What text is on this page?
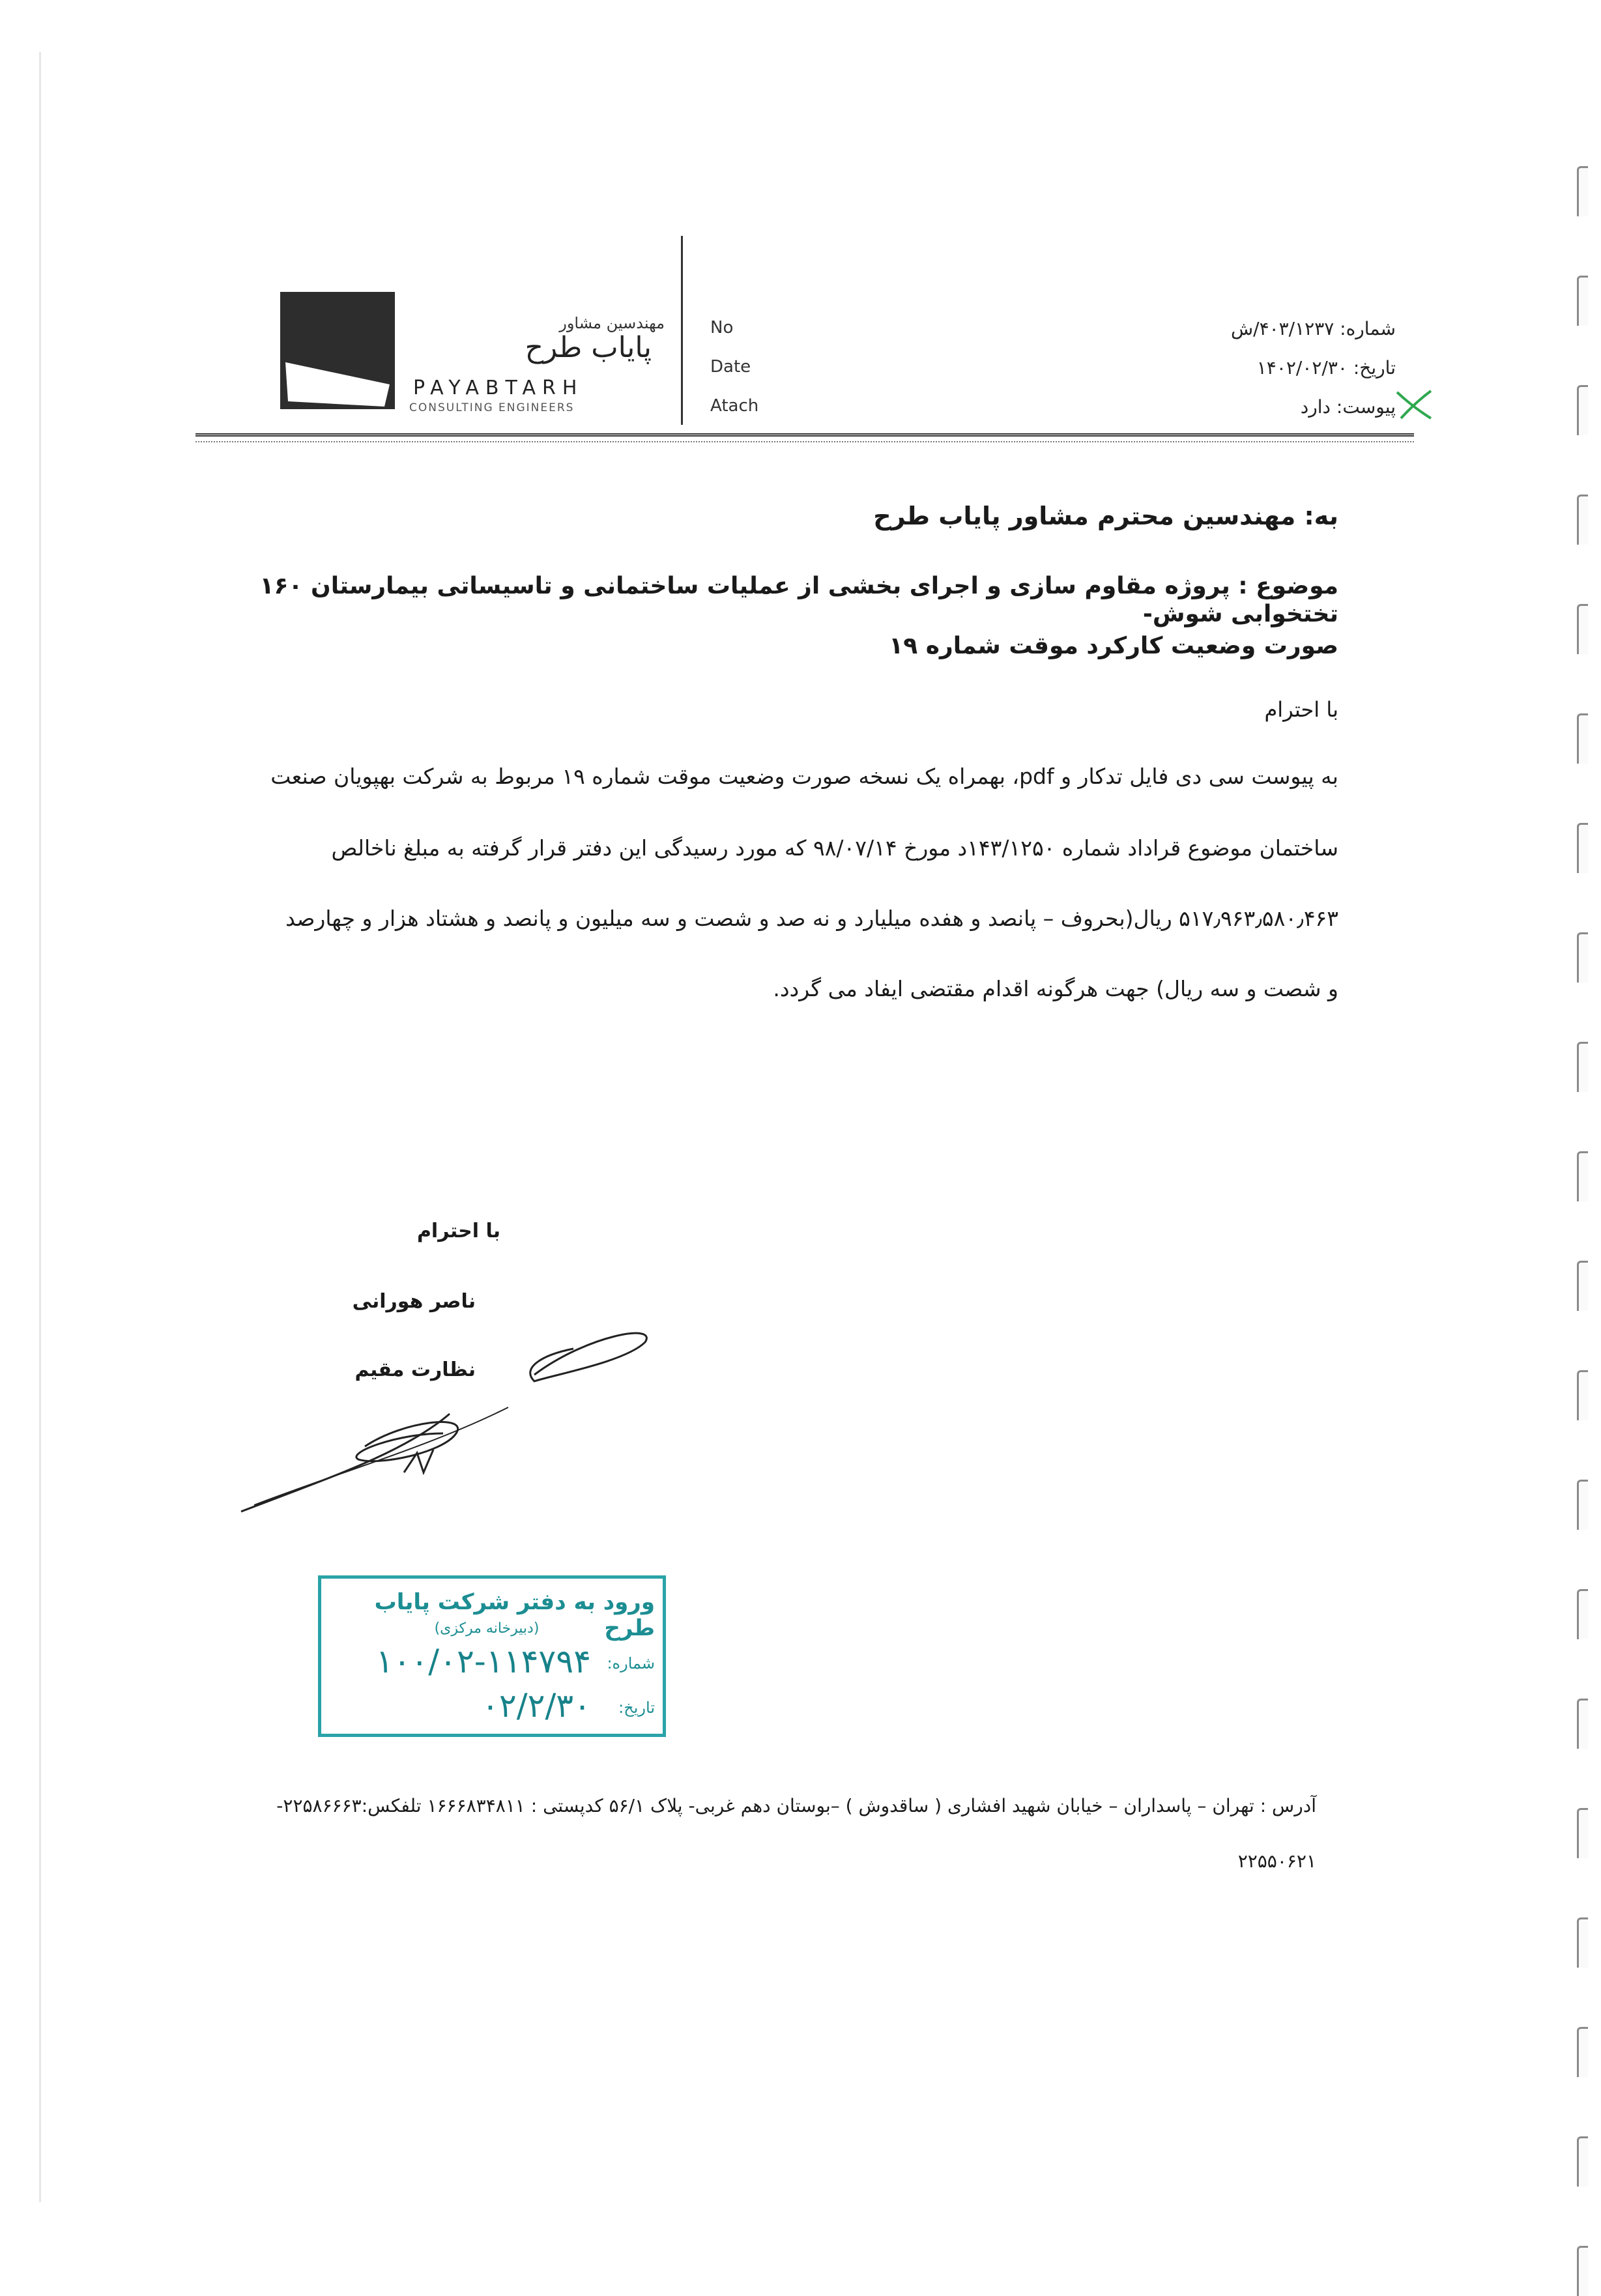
مهندسین مشاور
پایاب طرح
PAYABTARH
CONSULTING ENGINEERS
No
Date
Atach
شماره: ۴۰۳/۱۲۳۷/ش
تاریخ: ۱۴۰۲/۰۲/۳۰
پیوست: دارد
به: مهندسین محترم مشاور پایاب طرح
موضوع : پروژه مقاوم سازی و اجرای بخشی از عملیات ساختمانی و تاسیساتی بیمارستان ۱۶۰ تختخوابی شوش-
صورت وضعیت کارکرد موقت شماره ۱۹
با احترام
به پیوست سی دی فایل تدکار و pdf، بهمراه یک نسخه صورت وضعیت موقت شماره ۱۹ مربوط به شرکت بهپویان صنعت
ساختمان موضوع قراداد شماره ۱۴۳/۱۲۵۰د مورخ ۹۸/۰۷/۱۴ که مورد رسیدگی این دفتر قرار گرفته به مبلغ ناخالص
۵۱۷٫۹۶۳٫۵۸۰٫۴۶۳ ریال(بحروف – پانصد و هفده میلیارد و نه صد و شصت و سه میلیون و پانصد و هشتاد هزار و چهارصد
و شصت و سه ریال) جهت هرگونه اقدام مقتضی ایفاد می گردد.
با احترام
ناصر هورانی
نظارت مقیم
ورود به دفتر شرکت پایاب طرح
(دبیرخانه مرکزی)
شماره:
۱۰۰/۰۲-۱۱۴۷۹۴
تاریخ:
۰۲/۲/۳۰
آدرس : تهران – پاسداران – خیابان شهید افشاری ( ساقدوش ) –بوستان دهم غربی- پلاک ۵۶/۱ کدپستی : ۱۶۶۶۸۳۴۸۱۱ تلفکس:۲۲۵۸۶۶۶۳-
۲۲۵۵۰۶۲۱
